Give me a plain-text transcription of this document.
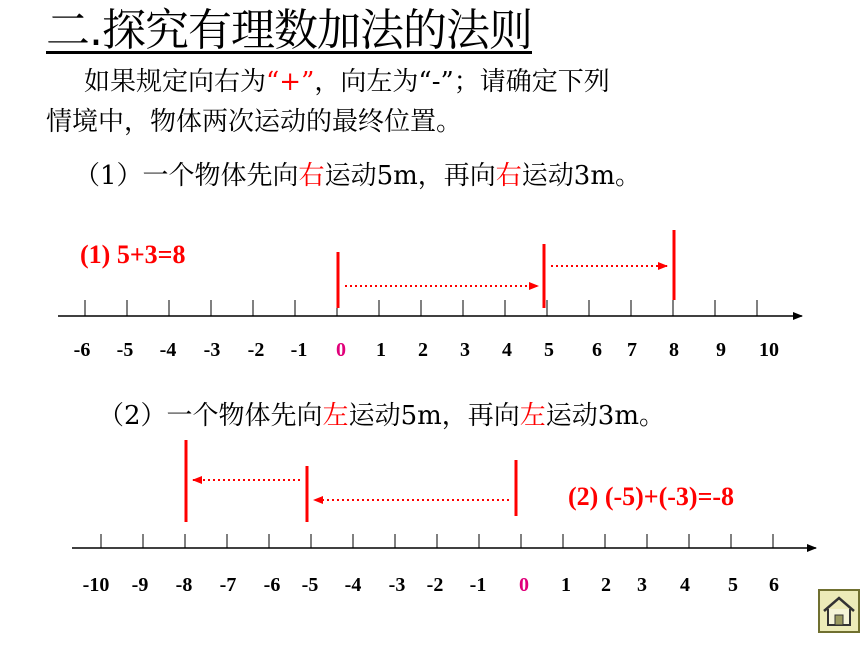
二.探究有理数加法的法则
如果规定向右为“+”，向左为“-”；请确定下列
情境中，物体两次运动的最终位置。
（1）一个物体先向右运动5m，再向右运动3m。
(1) 5+3=8
（2）一个物体先向左运动5m，再向左运动3m。
(2) (-5)+(-3)=-8
-6 -5 -4 -3 -2 -1 0 1 2 3 4 5 6 7 8 9 10
-10 -9 -8 -7 -6 -5 -4 -3 -2 -1 0 1 2 3 4 5 6
